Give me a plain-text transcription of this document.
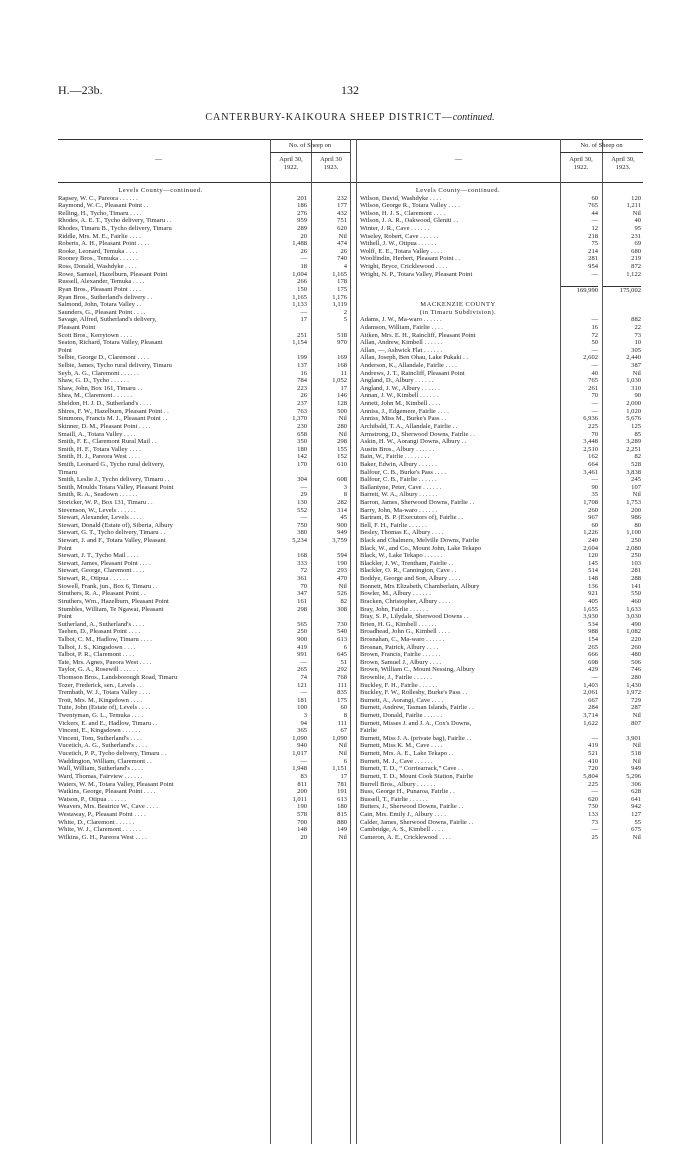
H.—23b.	132
CANTERBURY-KAIKOURA SHEEP DISTRICT—continued.
No. of Sheep on
April 30, 1922.
April 30 1923.
Levels County—continued.
Rapsey, W. C., Pareora . . . . . .	201	232
Raymond, W. C., Pleasant Point . .	186	177
Relling, H., Tycho, Timaru . . . .	276	432
Rhodes, A. E. T., Tycho delivery, Timaru . .	959	751
Rhodes, Timaru B., Tycho delivery, Timaru	289	620
Riddle, Mrs. M. E., Fairlie . . . .	20	Nil
Roberts, A. H., Pleasant Point . . . .	1,488	474
Rooke, Leonard, Temuka . . . .	26	26
Rooney Bros., Temuka . . . . . .	—	740
Ross, Donald, Washdyke . . . .	18	4
Rowe, Samuel, Hazelburn, Pleasant Point	1,004	1,165
Russell, Alexander, Temuka . . . .	266	178
Ryan Bros., Pleasant Point . . . .	150	175
Ryan Bros., Sutherland's delivery . .	1,165	1,176
Salmond, John, Totara Valley . .	1,133	1,119
Saunders, G., Pleasant Point . . . .	—	2
Savage, Alfred, Sutherland's delivery,	17	5
Pleasant Point
Scott Bros., Kerrytown . . . .	251	518
Seaton, Richard, Totara Valley, Pleasant	1,154	970
Point
Selbie, George D., Claremont . . . .	199	169
Selbie, James, Tycho rural delivery, Timaru	137	168
Seyb, A. G., Claremont . . . . . .	16	11
Shaw, G. D., Tycho . . . . . .	784	1,052
Shaw, John, Box 161, Timaru . .	223	17
Shea, M., Claremont . . . . . .	26	146
Sheldon, H. J. D., Sutherland's . . . .	237	128
Shires, F. W., Hazelburn, Pleasant Point . .	763	500
Simmons, Francis M. J., Pleasant Point . .	1,370	Nil
Skinner, D. M., Pleasant Point . . . .	230	280
Smaill, A., Totara Valley . . . .	658	Nil
Smith, F. E., Claremont Rural Mail . .	350	298
Smith, H. F., Totara Valley . . . .	180	155
Smith, H. J., Pareora West . . . .	142	152
Smith, Leonard G., Tycho rural delivery,	170	610
Timaru
Smith, Leslie J., Tycho delivery, Timaru . .	304	608
Smith, Moulds Totara Valley, Pleasant Point	—	3
Smith, R. A., Seadown . . . . . .	29	8
Storicker, W. P., Box 131, Timaru . .	130	282
Stevenson, W., Levels . . . . . .	552	314
Stewart, Alexander, Levels . . . .	—	45
Stewart, Donald (Estate of), Siberia, Albury	750	900
Stewart, G. T., Tycho delivery, Timaru . .	380	949
Stewart, J. and F., Totara Valley, Pleasant	5,234	3,759
Point
Stewart, J. T., Tycho Mail . . . .	168	594
Stewart, James, Pleasant Point . . . .	333	190
Stewart, George, Claremont . . . .	72	293
Stewart, R., Otipua . . . . . .	361	470
Stowell, Frank, jun., Box 6, Timaru . .	70	Nil
Struthers, R. A., Pleasant Point . .	347	526
Struthers, Wm., Hazelburn, Pleasant Point	161	82
Stumbles, William, Te Ngawai, Pleasant	298	308
Point
Sutherland, A., Sutherland's . . . .	565	730
Taehen, D., Pleasant Point . . . .	250	540
Talbot, C. M., Hadlow, Timaru . . . .	900	613
Talbot, J. S., Kingsdown . . . .	419	6
Talbot, P. R., Claremont . . . .	991	645
Tate, Mrs. Agnes, Paeora West . . . .	—	51
Taylor, G. A., Rosewill . . . . . .	265	292
Thomson Bros., Landsborough Road, Timaru	74	768
Tozer, Frederick, sen., Levels . .	121	111
Trembath, W. J., Totara Valley . . . .	—	835
Trott, Mrs. M., Kingsdown . . . .	181	175
Tuite, John (Estate of), Levels . . . .	100	60
Twentyman, G. L., Temuka . . . .	3	8
Vickers, E. and E., Hadlow, Timaru . .	94	111
Vincent, E., Kingsdown . . . . . .	365	67
Vincent, Tom, Sutherland's . . . .	1,090	1,090
Vucetich, A. G., Sutherland's . . . .	940	Nil
Vucetich, P. P., Tycho delivery, Timaru . .	1,017	Nil
Waddington, William, Claremont . .	—	6
Wall, William, Sutherland's . . . .	1,948	1,151
Ward, Thomas, Fairview . . . . . .	83	17
Waters, W. M., Totara Valley, Pleasant Point	811	781
Watkins, George, Pleasant Point . . . .	200	191
Watson, P., Otipua . . . . . .	1,011	613
Weavers, Mrs. Beatrice W., Cave . . . .	190	180
Westaway, P., Pleasant Point . . . .	578	815
White, D., Claremont . . . . . .	700	880
White, W. J., Claremont . . . . . .	148	149
Wilkins, G. H., Pareora West . . . .	20	Nil
—
No. of Sheep on
April 30, 1922.
April 30, 1923.
—
Levels County—continued.
Wilson, David, Washdyke . . . .	60	120
Wilson, George R., Totara Valley . . . .	765	1,211
Wilson, H. J. S., Claremont . . . .	44	Nil
Wilson, J. A. R., Oakwood, Gleniti . .	—	40
Winter, J. R., Cave . . . . . .	12	95
Wiseley, Robert, Cave . . . . . .	218	231
Withell, J. W., Otipua . . . . . .	75	69
Wolff, E. E., Totara Valley . . . .	214	680
Woolfindin, Herbert, Pleasant Point . .	281	219
Wright, Bryce, Cricklewood . . . .	954	872
Wright, N. P., Totara Valley, Pleasant Point	—	1,122
169,990	175,002
MACKENZIE COUNTY
(in Timaru Subdivision).
Adams, J. W., Ma-waro . . . . . .	—	882
Adamson, William, Fairlie . . . .	16	22
Aitken, Mrs. E. H., Raincliff, Pleasant Point	72	73
Allan, Andrew, Kimbell . . . . . .	50	10
Allan, —, Ashwick Flat . . . . . .	—	305
Allan, Joseph, Ben Ohau, Lake Pukaki . .	2,602	2,440
Anderson, K., Allandale, Fairlie . . . .	—	387
Andrews, J. T., Raincliff, Pleasant Point	40	Nil
Angland, D., Albury . . . . . .	765	1,030
Angland, J. W., Albury . . . . . .	261	310
Annan, J. W., Kimbell . . . . . .	70	90
Annett, John M., Kimbell . . . .	—	2,000
Anniss, J., Edgemere, Fairlie . . . .	—	1,020
Anniss, Miss M., Burke's Pass . .	6,936	5,676
Archibald, T. A., Allandale, Fairlie . .	225	125
Armstrong, D., Sherwood Downs, Fairlie . .	70	85
Askin, H. W., Aorangi Downs, Albury . .	3,448	3,289
Austin Bros., Albury . . . . . .	2,510	2,251
Bain, W., Fairlie . . . . . . . .	162	82
Baker, Edwin, Albury . . . . . .	664	528
Balfour, C. B., Burke's Pass . . . .	3,461	3,838
Balfour, C. B., Fairlie . . . . . .	—	245
Ballantyne, Peter, Cave . . . . . .	90	107
Barrett, W. A., Albury . . . . . .	35	Nil
Barron, James, Sherwood Downs, Fairlie . .	1,708	1,753
Barry, John, Ma-waro . . . . . .	260	200
Bartram, B. P. (Executors of), Fairlie . .	967	986
Bell, F. H., Fairlie . . . . . .	60	80
Besley, Thomas E., Albury . . . .	1,226	1,100
Black and Chalmers, Melville Downs, Fairlie	240	250
Black, W., and Co., Mount John, Lake Tekapo	2,604	2,080
Black, W., Lake Tekapo . . . . . .	120	250
Blackler, J. W., Trentham, Fairlie . .	145	103
Blackler, O. R., Cannington, Cave . .	514	281
Boddye, George and Son, Albury . . . .	148	288
Bonnett, Mrs Elizabeth, Chamberlain, Albury	136	141
Bowler, M., Albury . . . . . .	921	550
Bracken, Christopher, Albury . . . .	405	460
Bray, John, Fairlie . . . . . .	1,655	1,633
Bray, S. P., Lilydale, Sherwood Downs . .	3,930	3,030
Brien, H. G., Kimbell . . . . . .	534	490
Broadhead, John G., Kimbell . . . .	988	1,082
Brosnahan, C., Ma-waro . . . . . .	154	220
Brosnan, Patrick, Albury . . . .	265	260
Brown, Francis, Fairlie . . . . . .	666	480
Brown, Samuel J., Albury . . . .	698	506
Brown, William C., Mount Nessing, Albury	429	746
Brownlie, J., Fairlie . . . . . .	—	280
Buckley, F. H., Fairlie . . . . . .	1,403	1,430
Buckley, F. W., Rollesby, Burke's Pass . .	2,061	1,972
Burnett, A., Aorangi, Cave . . . .	667	729
Burnett, Andrew, Tasman Islands, Fairlie . .	284	287
Burnett, Donald, Fairlie . . . . . .	3,714	Nil
Burnett, Misses J. and J. A., Cox's Downs,	1,622	807
Fairlie
Burnett, Miss J. A. (private bag), Fairlie . .	—	3,901
Burnett, Miss K. M., Cave . . . .	419	Nil
Burnett, Mrs. A. E., Lake Tekapo . .	521	518
Burnett, M. J., Cave . . . . . .	410	Nil
Burnett, T. D., “ Corriearrack,” Cave . .	720	949
Burnett, T. D., Mount Cook Station, Fairlie	5,804	5,296
Burrell Bros., Albury . . . . . .	225	306
Buss, George H., Punaroa, Fairlie . .	—	628
Bussell, T., Fairlie . . . . . .	620	641
Butters, J., Sherwood Downs, Fairlie . .	730	942
Cain, Mrs. Emily J., Albury . . . .	133	127
Calder, James, Sherwood Downs, Fairlie . .	73	55
Cambridge, A. S., Kimbell . . . .	—	675
Cameron, A. E., Cricklewood . . . .	25	Nil
